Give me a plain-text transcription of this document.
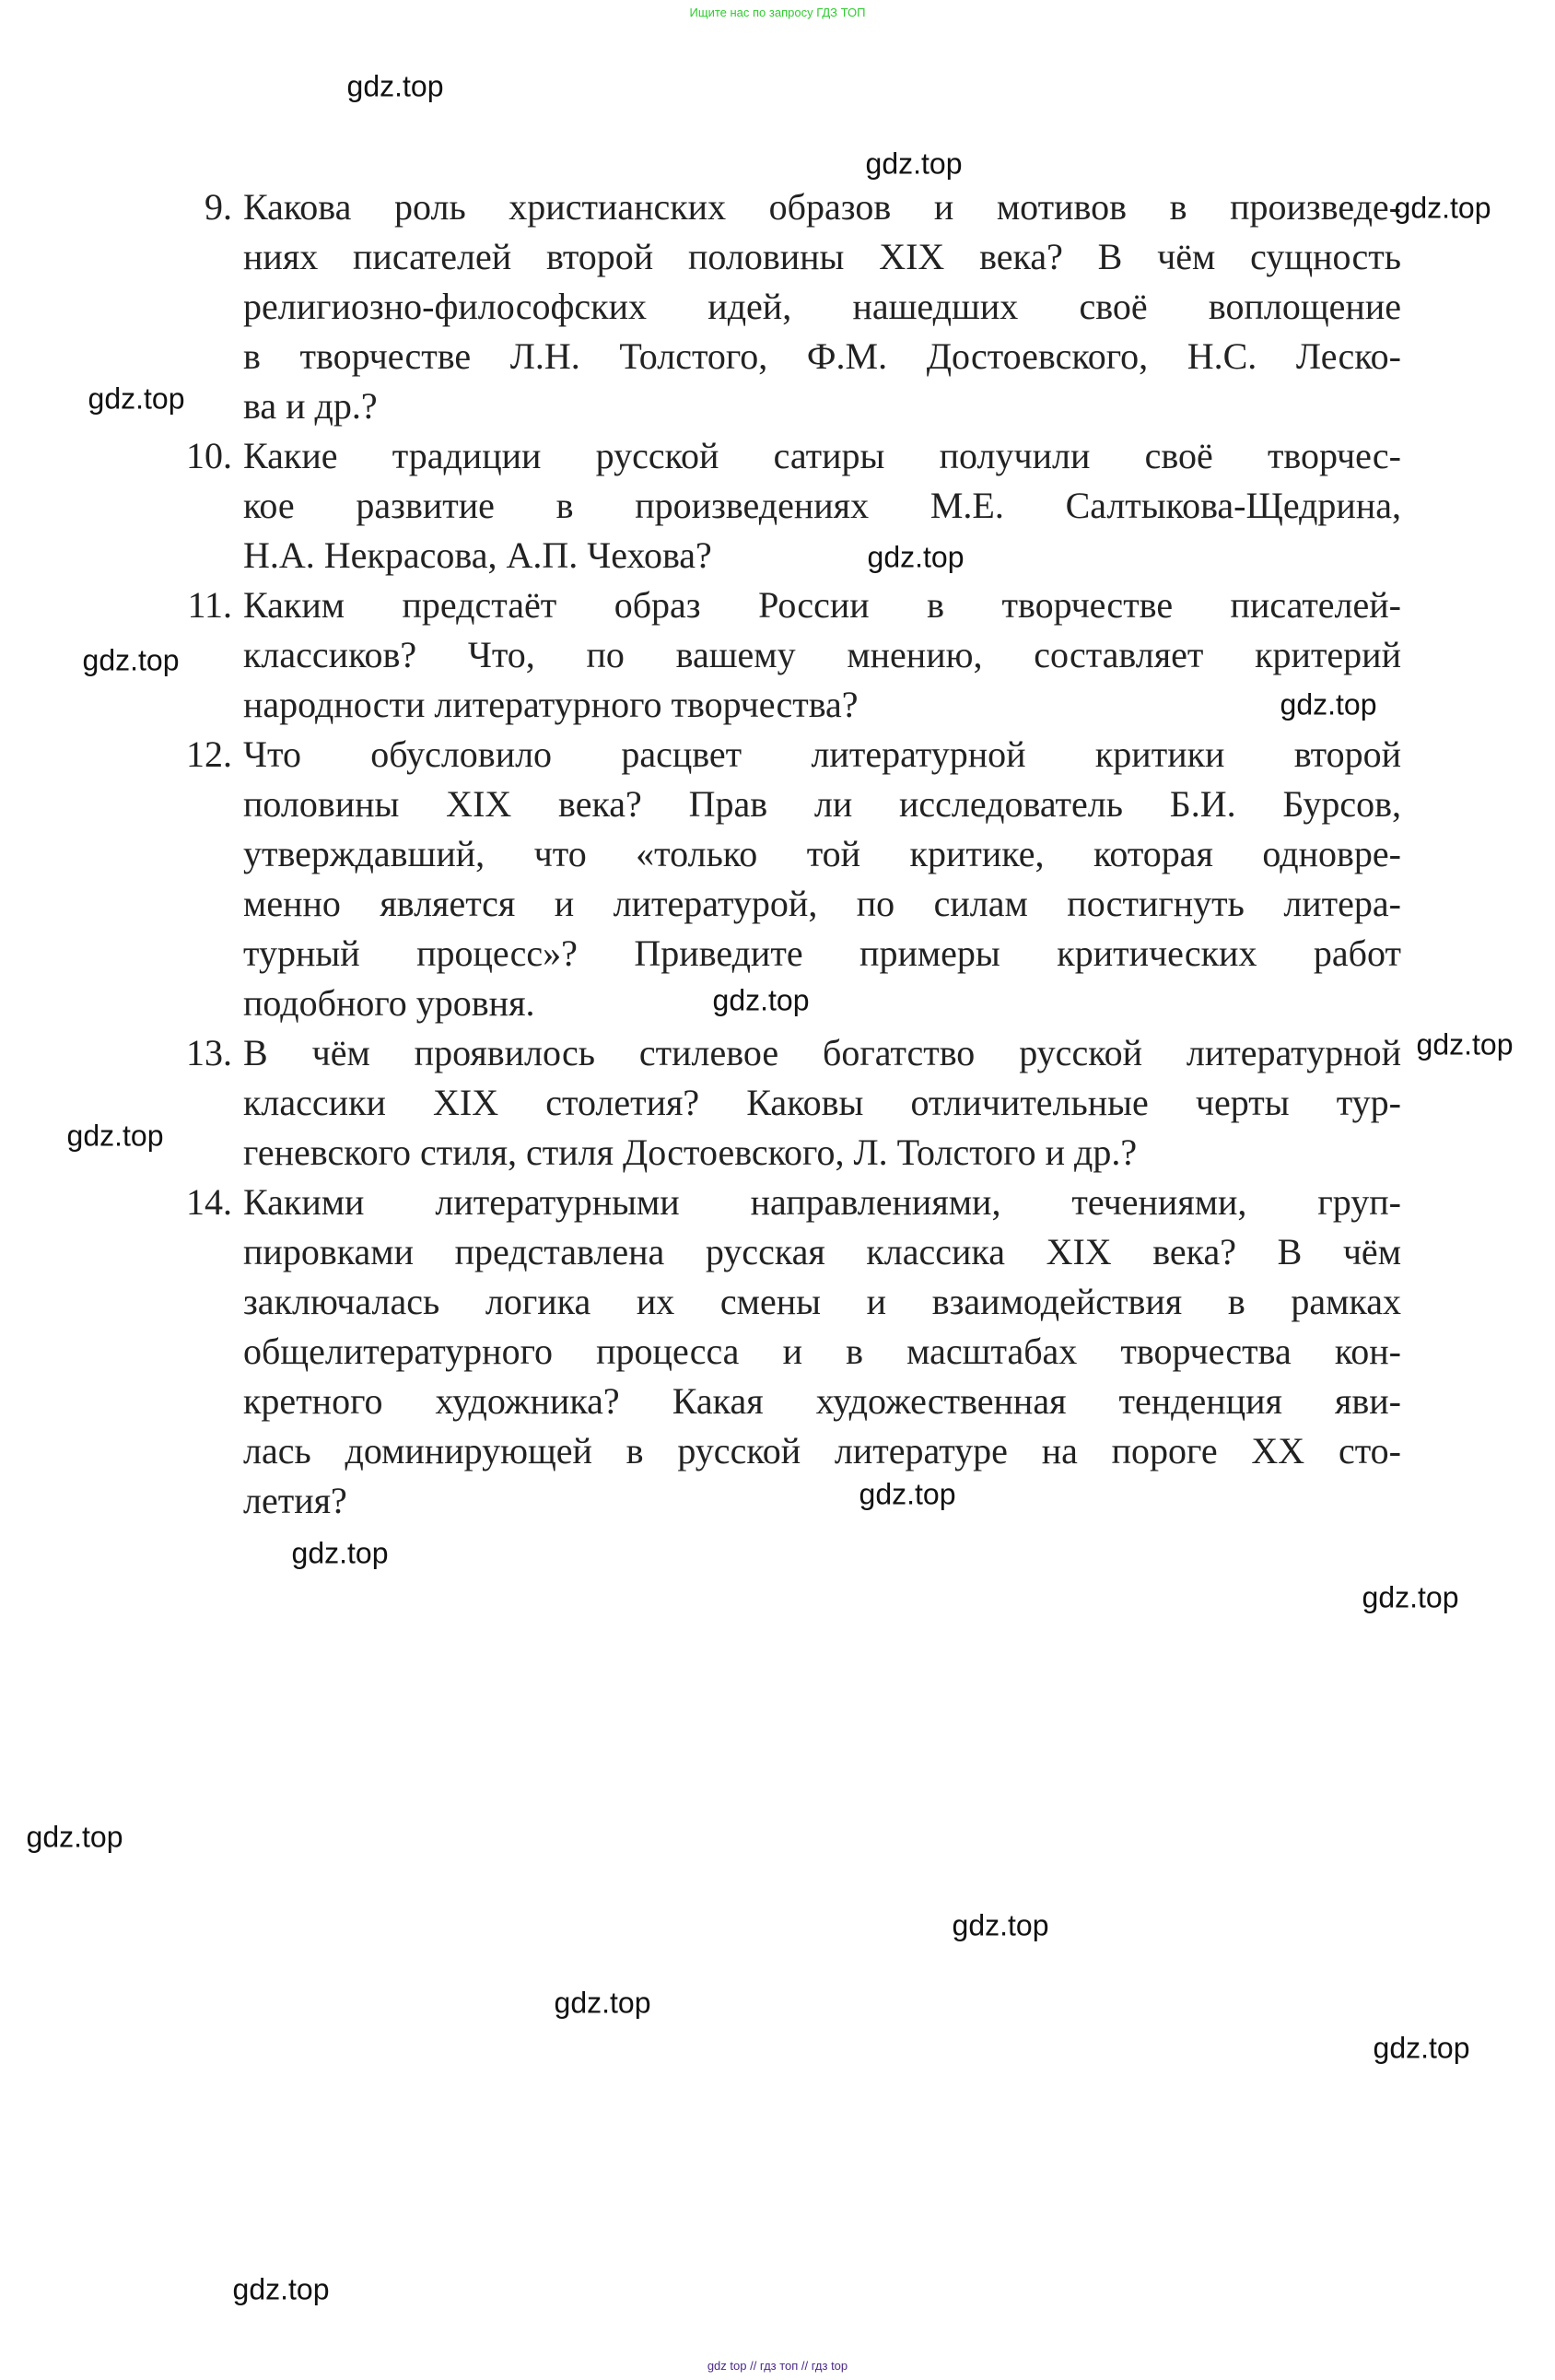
Ищите нас по запросу ГДЗ ТОП
9. Какова роль христианских образов и мотивов в произведе-
ниях писателей второй половины XIX века? В чём сущность
религиозно-философских идей, нашедших своё воплощение
в творчестве Л.Н. Толстого, Ф.М. Достоевского, Н.С. Леско-
ва и др.?
10. Какие традиции русской сатиры получили своё творчес-
кое развитие в произведениях М.Е. Салтыкова-Щедрина,
Н.А. Некрасова, А.П. Чехова?
11. Каким предстаёт образ России в творчестве писателей-
классиков? Что, по вашему мнению, составляет критерий
народности литературного творчества?
12. Что обусловило расцвет литературной критики второй
половины XIX века? Прав ли исследователь Б.И. Бурсов,
утверждавший, что «только той критике, которая одновре-
менно является и литературой, по силам постигнуть литера-
турный процесс»? Приведите примеры критических работ
подобного уровня.
13. В чём проявилось стилевое богатство русской литературной
классики XIX столетия? Каковы отличительные черты тур-
геневского стиля, стиля Достоевского, Л. Толстого и др.?
14. Какими литературными направлениями, течениями, груп-
пировками представлена русская классика XIX века? В чём
заключалась логика их смены и взаимодействия в рамках
общелитературного процесса и в масштабах творчества кон-
кретного художника? Какая художественная тенденция яви-
лась доминирующей в русской литературе на пороге XX сто-
летия?
gdz.top
gdz.top
gdz.top
gdz.top
gdz.top
gdz.top
gdz.top
gdz.top
gdz.top
gdz.top
gdz.top
gdz.top
gdz.top
gdz.top
gdz.top
gdz.top
gdz.top
gdz.top
gdz top // гдз топ // гдз top
